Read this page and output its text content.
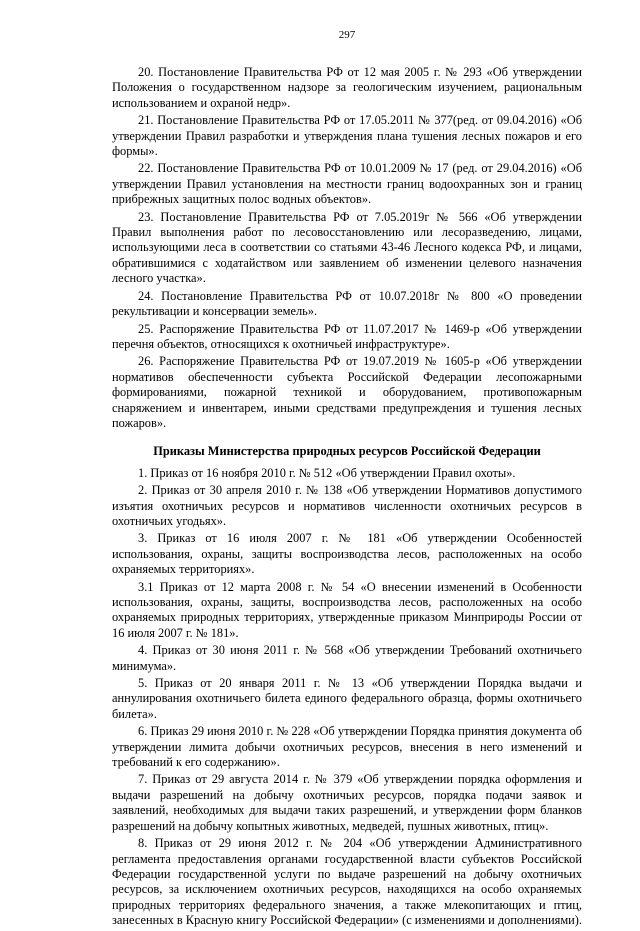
297

20. Постановление Правительства РФ от 12 мая 2005 г. № 293 «Об утверждении Положения о государственном надзоре за геологическим изучением, рациональным использованием и охраной недр».

21. Постановление Правительства РФ от 17.05.2011 № 377(ред. от 09.04.2016) «Об утверждении Правил разработки и утверждения плана тушения лесных пожаров и его формы».

22. Постановление Правительства РФ от 10.01.2009 № 17 (ред. от 29.04.2016) «Об утверждении Правил установления на местности границ водоохранных зон и границ прибрежных защитных полос водных объектов».

23. Постановление Правительства РФ от 7.05.2019г № 566 «Об утверждении Правил выполнения работ по лесовосстановлению или лесоразведению, лицами, использующими леса в соответствии со статьями 43-46 Лесного кодекса РФ, и лицами, обратившимися с ходатайством или заявлением об изменении целевого назначения лесного участка».

24. Постановление Правительства РФ от 10.07.2018г № 800 «О проведении рекультивации и консервации земель».

25. Распоряжение Правительства РФ от 11.07.2017 № 1469-р «Об утверждении перечня объектов, относящихся к охотничьей инфраструктуре».

26. Распоряжение Правительства РФ от 19.07.2019 № 1605-р «Об утверждении нормативов обеспеченности субъекта Российской Федерации лесопожарными формированиями, пожарной техникой и оборудованием, противопожарным снаряжением и инвентарем, иными средствами предупреждения и тушения лесных пожаров».

Приказы Министерства природных ресурсов Российской Федерации

1. Приказ от 16 ноября 2010 г. № 512 «Об утверждении Правил охоты».

2. Приказ от 30 апреля 2010 г. № 138 «Об утверждении Нормативов допустимого изъятия охотничьих ресурсов и нормативов численности охотничьих ресурсов в охотничьих угодьях».

3. Приказ от 16 июля 2007 г. № 181 «Об утверждении Особенностей использования, охраны, защиты воспроизводства лесов, расположенных на особо охраняемых территориях».

3.1 Приказ от 12 марта 2008 г. № 54 «О внесении изменений в Особенности использования, охраны, защиты, воспроизводства лесов, расположенных на особо охраняемых природных территориях, утвержденные приказом Минприроды России от 16 июля 2007 г. № 181».

4. Приказ от 30 июня 2011 г. № 568 «Об утверждении Требований охотничьего минимума».

5. Приказ от 20 января 2011 г. № 13 «Об утверждении Порядка выдачи и аннулирования охотничьего билета единого федерального образца, формы охотничьего билета».

6. Приказ 29 июня 2010 г. № 228 «Об утверждении Порядка принятия документа об утверждении лимита добычи охотничьих ресурсов, внесения в него изменений и требований к его содержанию».

7. Приказ от 29 августа 2014 г. № 379 «Об утверждении порядка оформления и выдачи разрешений на добычу охотничьих ресурсов, порядка подачи заявок и заявлений, необходимых для выдачи таких разрешений, и утверждении форм бланков разрешений на добычу копытных животных, медведей, пушных животных, птиц».

8. Приказ от 29 июня 2012 г. № 204 «Об утверждении Административного регламента предоставления органами государственной власти субъектов Российской Федерации государственной услуги по выдаче разрешений на добычу охотничьих ресурсов, за исключением охотничьих ресурсов, находящихся на особо охраняемых природных территориях федерального значения, а также млекопитающих и птиц, занесенных в Красную книгу Российской Федерации» (с изменениями и дополнениями).
